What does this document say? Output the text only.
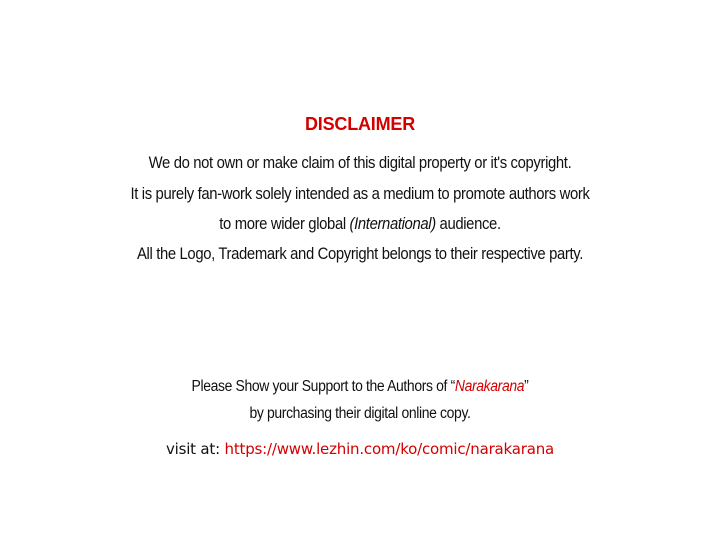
DISCLAIMER
We do not own or make claim of this digital property or it's copyright.
It is purely fan-work solely intended as a medium to promote authors work
to more wider global (International) audience.
All the Logo, Trademark and Copyright belongs to their respective party.
Please Show your Support to the Authors of “Narakarana”
by purchasing their digital online copy.
visit at: https://www.lezhin.com/ko/comic/narakarana
